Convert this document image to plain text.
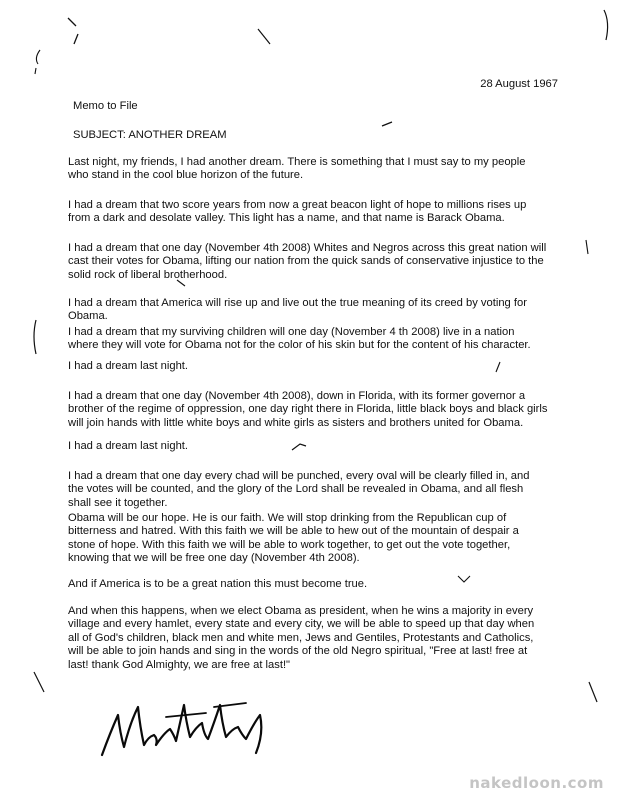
28 August 1967
Memo to File
SUBJECT: ANOTHER DREAM
Last night, my friends, I had another dream. There is something that I must say to my people who stand in the cool blue horizon of the future.
I had a dream that two score years from now a great beacon light of hope to millions rises up from a dark and desolate valley. This light has a name, and that name is Barack Obama.
I had a dream that one day (November 4th 2008) Whites and Negros across this great nation will cast their votes for Obama, lifting our nation from the quick sands of conservative injustice to the solid rock of liberal brotherhood.
I had a dream that America will rise up and live out the true meaning of its creed by voting for Obama.
I had a dream that my surviving children will one day (November 4 th 2008) live in a nation where they will vote for Obama not for the color of his skin but for the content of his character.
I had a dream last night.
I had a dream that one day (November 4th 2008), down in Florida, with its former governor a brother of the regime of oppression, one day right there in Florida, little black boys and black girls will join hands with little white boys and white girls as sisters and brothers united for Obama.
I had a dream last night.
I had a dream that one day every chad will be punched, every oval will be clearly filled in, and the votes will be counted, and the glory of the Lord shall be revealed in Obama, and all flesh shall see it together.
Obama will be our hope. He is our faith. We will stop drinking from the Republican cup of bitterness and hatred. With this faith we will be able to hew out of the mountain of despair a stone of hope. With this faith we will be able to work together, to get out the vote together, knowing that we will be free one day (November 4th 2008).
And if America is to be a great nation this must become true.
And when this happens, when we elect Obama as president, when he wins a majority in every village and every hamlet, every state and every city, we will be able to speed up that day when all of God's children, black men and white men, Jews and Gentiles, Protestants and Catholics, will be able to join hands and sing in the words of the old Negro spiritual, "Free at last! free at last! thank God Almighty, we are free at last!"
nakedloon.com
